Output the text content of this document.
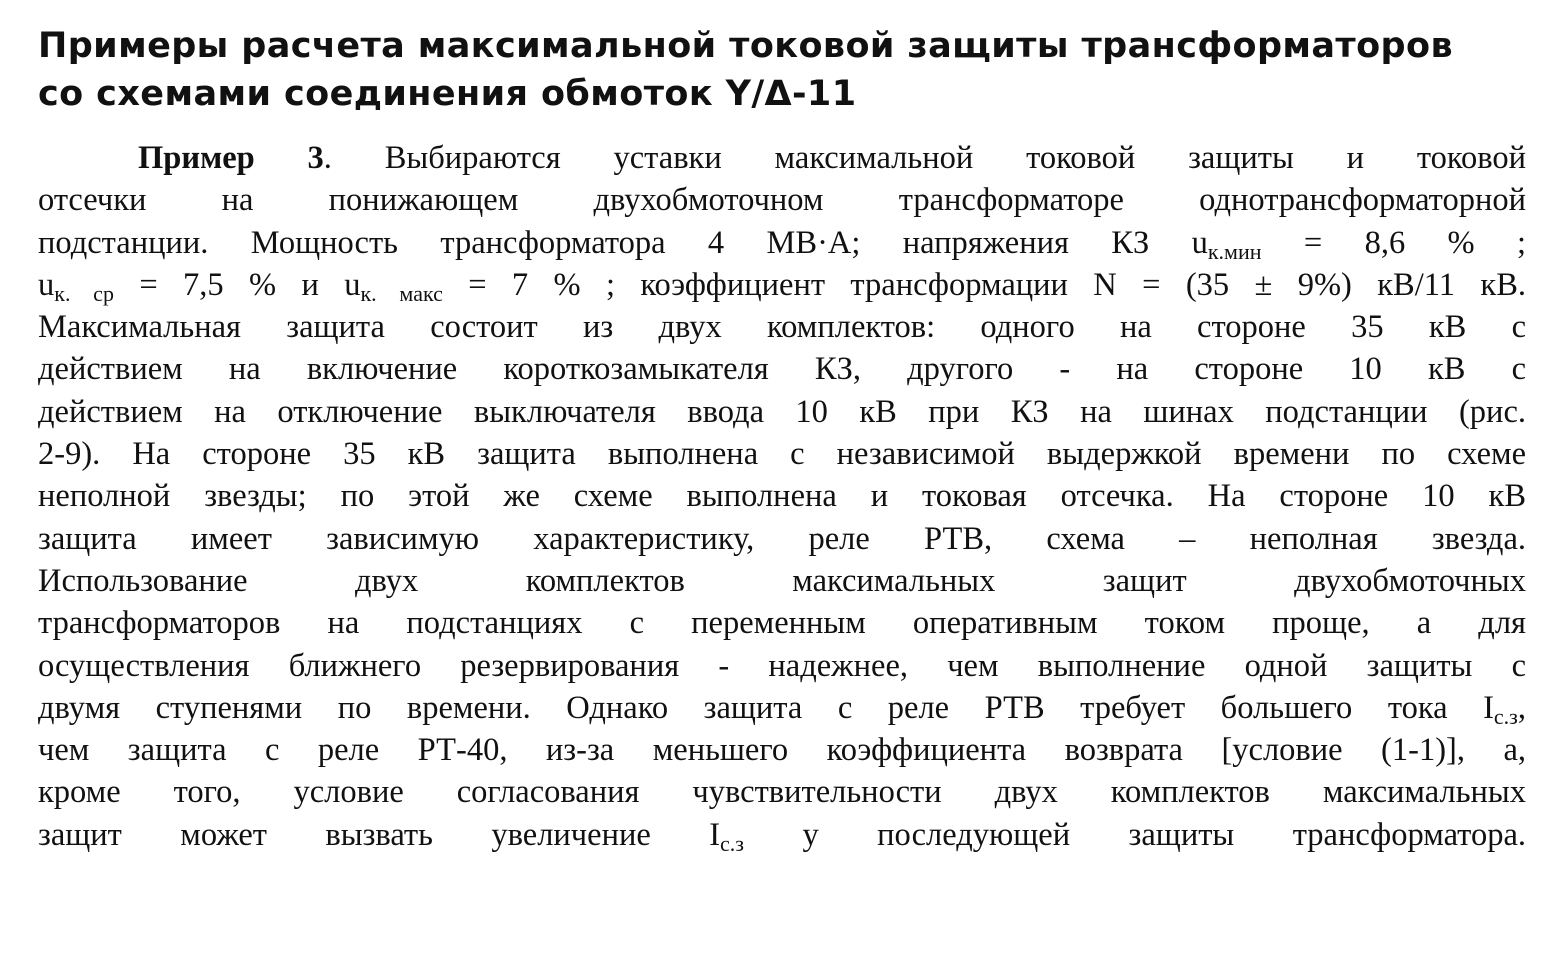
Примеры расчета максимальной токовой защиты трансформаторов
со схемами соединения обмоток Y/Δ-11
Пример 3. Выбираются уставки максимальной токовой защиты и токовой
отсечки на понижающем двухобмоточном трансформаторе однотрансформаторной
подстанции. Мощность трансформатора 4 МВ·А; напряжения КЗ $u_{к.мин} = 8,6$ % ;
$u_{к. ср} = 7,5$ % и $u_{к. макс} = 7$ % ; коэффициент трансформации N = (35 ± 9%) кВ/11 кВ.
Максимальная защита состоит из двух комплектов: одного на стороне 35 кВ с
действием на включение короткозамыкателя КЗ, другого - на стороне 10 кВ с
действием на отключение выключателя ввода 10 кВ при КЗ на шинах подстанции (рис.
2-9). На стороне 35 кВ защита выполнена с независимой выдержкой времени по схеме
неполной звезды; по этой же схеме выполнена и токовая отсечка. На стороне 10 кВ
защита имеет зависимую характеристику, реле РТВ, схема – неполная звезда.
Использование двух комплектов максимальных защит двухобмоточных
трансформаторов на подстанциях с переменным оперативным током проще, а для
осуществления ближнего резервирования - надежнее, чем выполнение одной защиты с
двумя ступенями по времени. Однако защита с реле РТВ требует большего тока $I_{с.з}$,
чем защита с реле РТ-40, из-за меньшего коэффициента возврата [условие (1-1)], а,
кроме того, условие согласования чувствительности двух комплектов максимальных
защит может вызвать увеличение $I_{с.з}$ у последующей защиты трансформатора.
